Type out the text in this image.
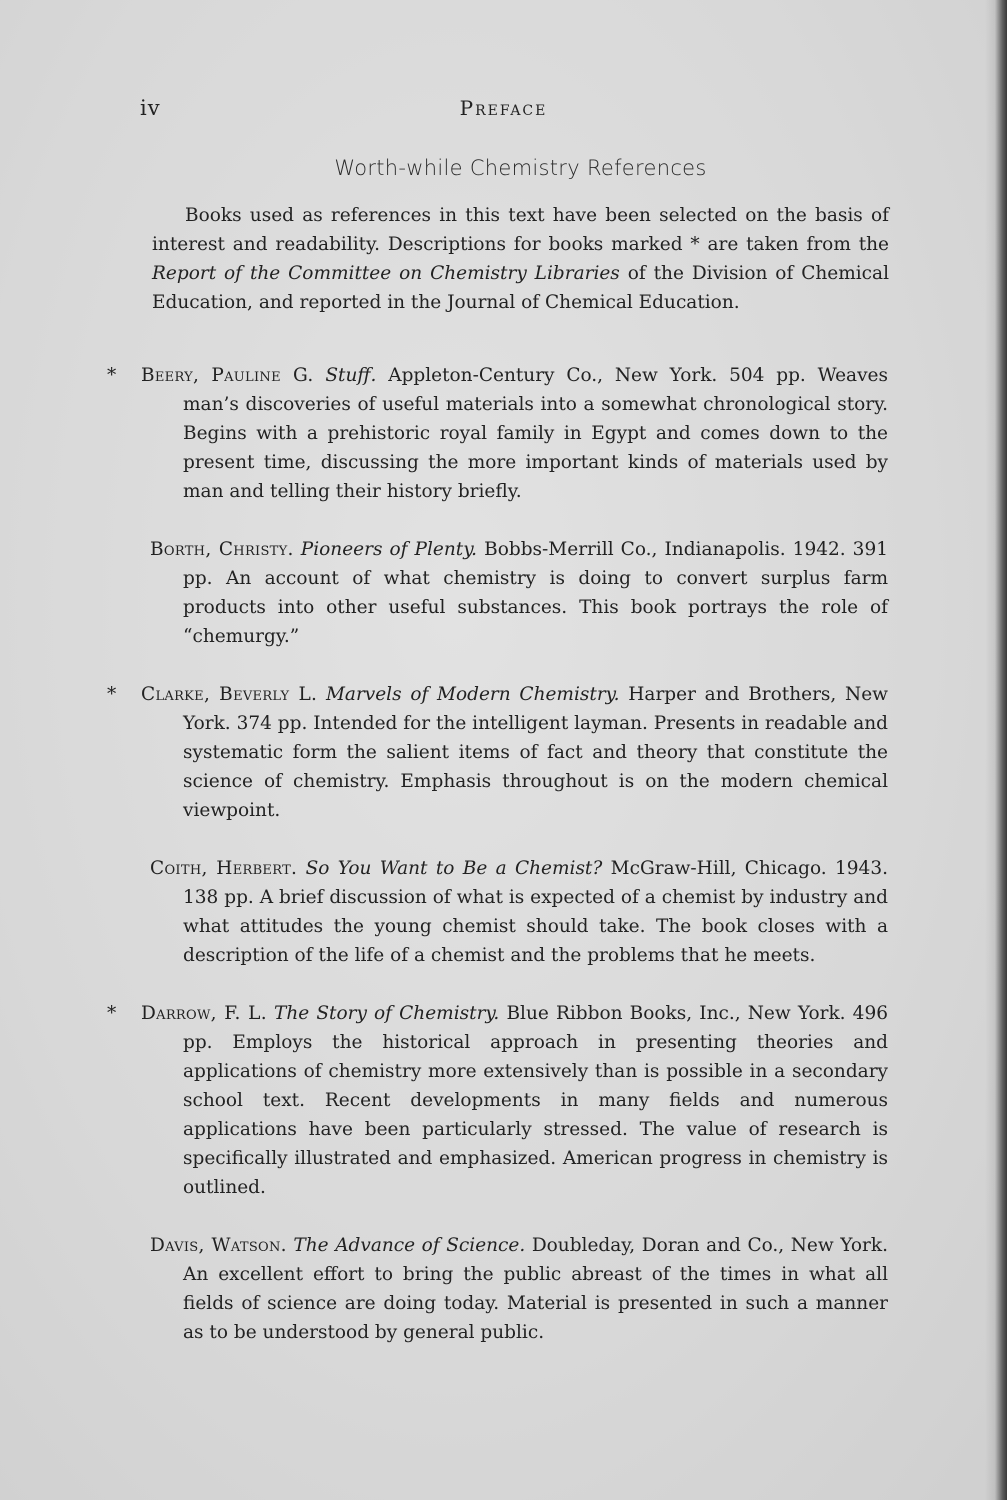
iv	Preface
Worth-while Chemistry References

Books used as references in this text have been selected on the basis of interest and readability. Descriptions for books marked * are taken from the Report of the Committee on Chemistry Libraries of the Division of Chemical Education, and reported in the Journal of Chemical Education.

* Beery, Pauline G. Stuff. Appleton-Century Co., New York. 504 pp. Weaves man’s discoveries of useful materials into a somewhat chronological story. Begins with a prehistoric royal family in Egypt and comes down to the present time, discussing the more important kinds of materials used by man and telling their history briefly.

Borth, Christy. Pioneers of Plenty. Bobbs-Merrill Co., Indianapolis. 1942. 391 pp. An account of what chemistry is doing to convert surplus farm products into other useful substances. This book portrays the role of “chemurgy.”

* Clarke, Beverly L. Marvels of Modern Chemistry. Harper and Brothers, New York. 374 pp. Intended for the intelligent layman. Presents in readable and systematic form the salient items of fact and theory that constitute the science of chemistry. Emphasis throughout is on the modern chemical viewpoint.

Coith, Herbert. So You Want to Be a Chemist? McGraw-Hill, Chicago. 1943. 138 pp. A brief discussion of what is expected of a chemist by industry and what attitudes the young chemist should take. The book closes with a description of the life of a chemist and the problems that he meets.

* Darrow, F. L. The Story of Chemistry. Blue Ribbon Books, Inc., New York. 496 pp. Employs the historical approach in presenting theories and applications of chemistry more extensively than is possible in a secondary school text. Recent developments in many fields and numerous applications have been particularly stressed. The value of research is specifically illustrated and emphasized. American progress in chemistry is outlined.

Davis, Watson. The Advance of Science. Doubleday, Doran and Co., New York. An excellent effort to bring the public abreast of the times in what all fields of science are doing today. Material is presented in such a manner as to be understood by general public.
